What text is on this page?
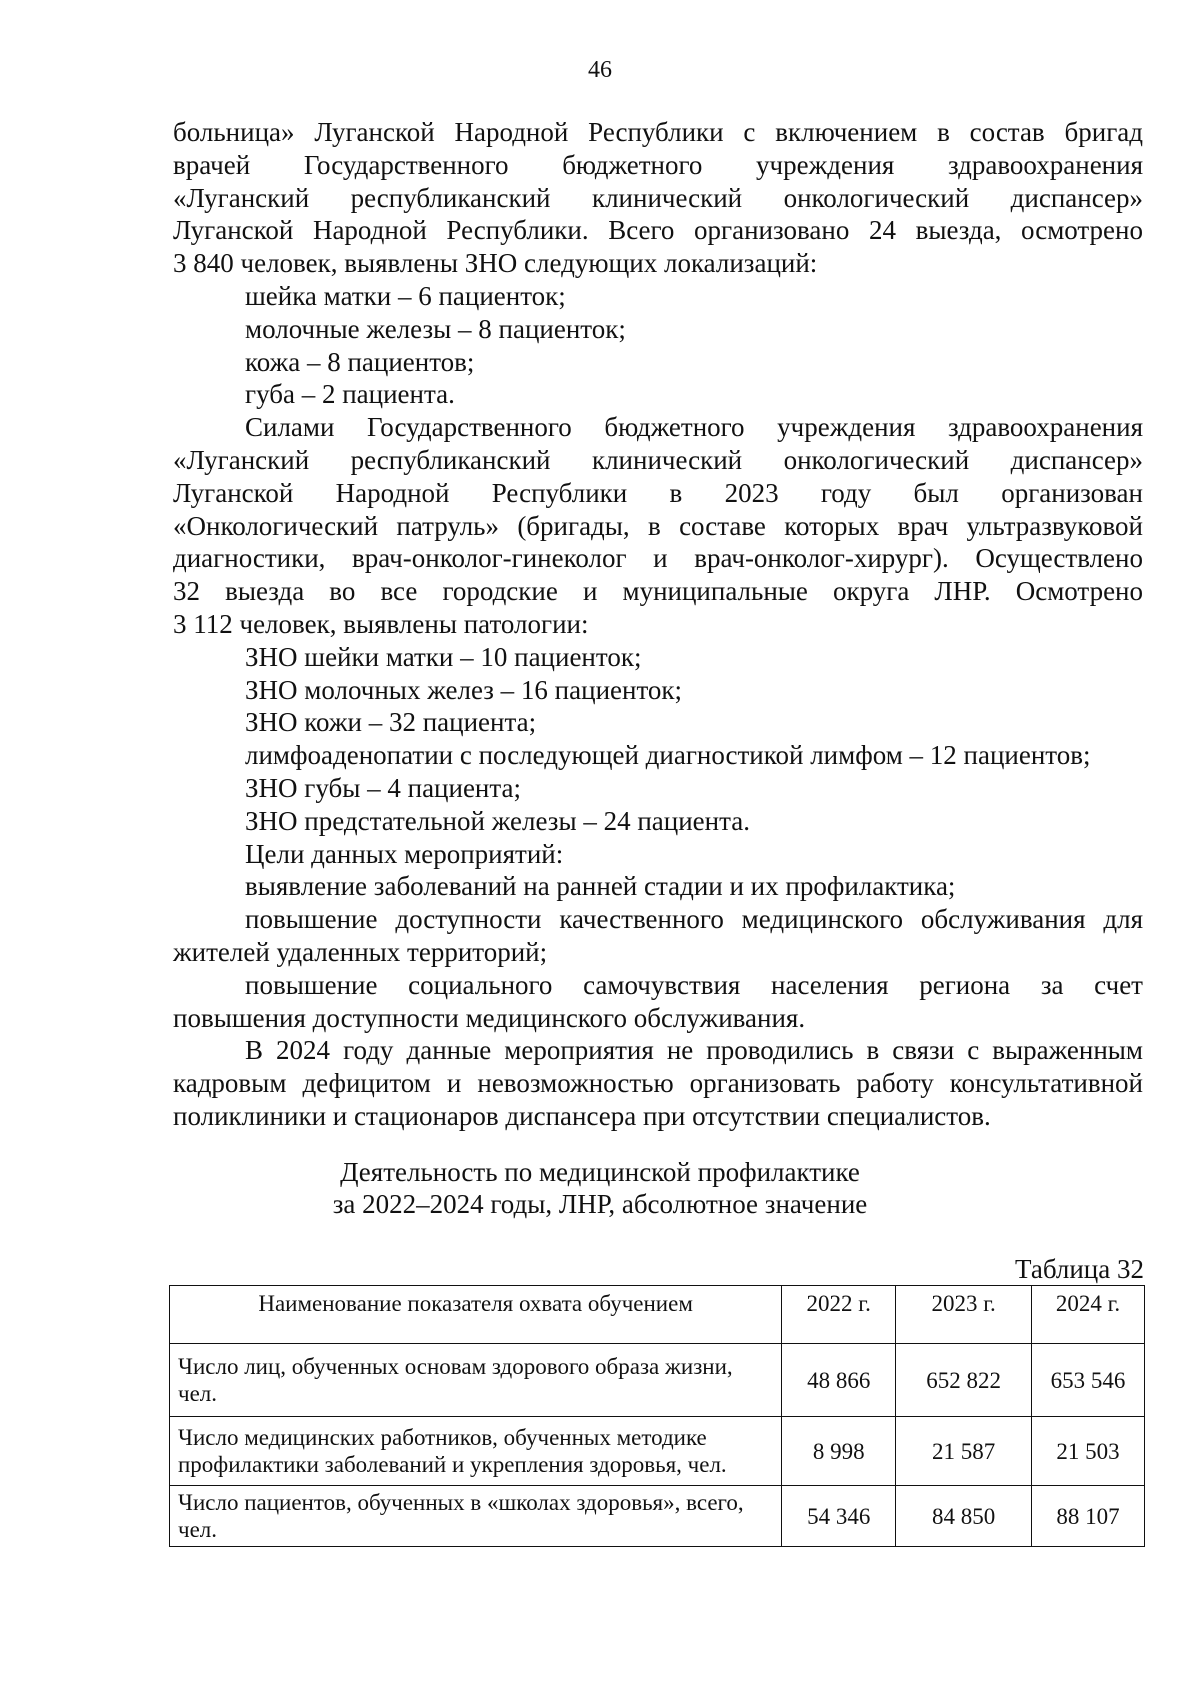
46

больница» Луганской Народной Республики с включением в состав бригад

врачей Государственного бюджетного учреждения здравоохранения

«Луганский республиканский клинический онкологический диспансер»

Луганской Народной Республики. Всего организовано 24 выезда, осмотрено

3 840 человек, выявлены ЗНО следующих локализаций:

шейка матки – 6 пациенток;

молочные железы – 8 пациенток;

кожа – 8 пациентов;

губа – 2 пациента.

Силами Государственного бюджетного учреждения здравоохранения

«Луганский республиканский клинический онкологический диспансер»

Луганской Народной Республики в 2023 году был организован

«Онкологический патруль» (бригады, в составе которых врач ультразвуковой

диагностики, врач-онколог-гинеколог и врач-онколог-хирург). Осуществлено

32 выезда во все городские и муниципальные округа ЛНР. Осмотрено

3 112 человек, выявлены патологии:

ЗНО шейки матки – 10 пациенток;

ЗНО молочных желез – 16 пациенток;

ЗНО кожи – 32 пациента;

лимфоаденопатии с последующей диагностикой лимфом – 12 пациентов;

ЗНО губы – 4 пациента;

ЗНО предстательной железы – 24 пациента.

Цели данных мероприятий:

выявление заболеваний на ранней стадии и их профилактика;

повышение доступности качественного медицинского обслуживания для

жителей удаленных территорий;

повышение социального самочувствия населения региона за счет

повышения доступности медицинского обслуживания.

В 2024 году данные мероприятия не проводились в связи с выраженным

кадровым дефицитом и невозможностью организовать работу консультативной

поликлиники и стационаров диспансера при отсутствии специалистов.

Деятельность по медицинской профилактике
за 2022–2024 годы, ЛНР, абсолютное значение
Таблица 32
Наименование показателя охвата обучением	2022 г.	2023 г.	2024 г.
Число лиц, обученных основам здорового образа жизни, чел.	48 866	652 822	653 546
Число медицинских работников, обученных методике профилактики заболеваний и укрепления здоровья, чел.	8 998	21 587	21 503
Число пациентов, обученных в «школах здоровья», всего, чел.	54 346	84 850	88 107
